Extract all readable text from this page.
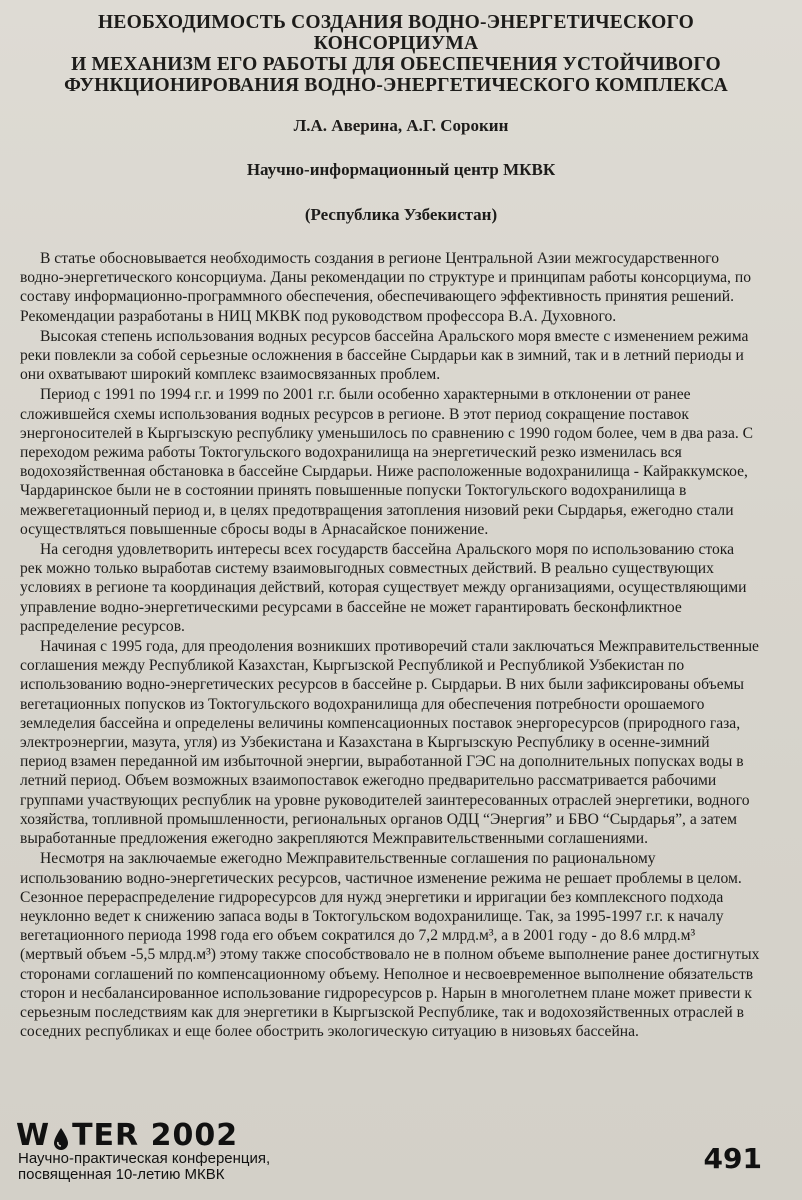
НЕОБХОДИМОСТЬ СОЗДАНИЯ ВОДНО-ЭНЕРГЕТИЧЕСКОГО КОНСОРЦИУМА
И МЕХАНИЗМ ЕГО РАБОТЫ ДЛЯ ОБЕСПЕЧЕНИЯ УСТОЙЧИВОГО
ФУНКЦИОНИРОВАНИЯ ВОДНО-ЭНЕРГЕТИЧЕСКОГО КОМПЛЕКСА
Л.А. Аверина, А.Г. Сорокин
Научно-информационный центр МКВК
(Республика Узбекистан)

В статье обосновывается необходимость создания в регионе Центральной Азии межгосударственного водно-энергетического консорциума. Даны рекомендации по структуре и принципам работы консорциума, по составу информационно-программного обеспечения, обеспечивающего эффективность принятия решений. Рекомендации разработаны в НИЦ МКВК под руководством профессора В.А. Духовного.

Высокая степень использования водных ресурсов бассейна Аральского моря вместе с изменением режима реки повлекли за собой серьезные осложнения в бассейне Сырдарьи как в зимний, так и в летний периоды и они охватывают широкий комплекс взаимосвязанных проблем.

Период с 1991 по 1994 г.г. и 1999 по 2001 г.г. были особенно характерными в отклонении от ранее сложившейся схемы использования водных ресурсов в регионе. В этот период сокращение поставок энергоносителей в Кыргызскую республику уменьшилось по сравнению с 1990 годом более, чем в два раза. С переходом режима работы Токтогульского водохранилища на энергетический резко изменилась вся водохозяйственная обстановка в бассейне Сырдарьи. Ниже расположенные водохранилища - Кайраккумское, Чардаринское были не в состоянии принять повышенные попуски Токтогульского водохранилища в межвегетационный период и, в целях предотвращения затопления низовий реки Сырдарья, ежегодно стали осуществляться повышенные сбросы воды в Арнасайское понижение.

На сегодня удовлетворить интересы всех государств бассейна Аральского моря по использованию стока рек можно только выработав систему взаимовыгодных совместных действий. В реально существующих условиях в регионе та координация действий, которая существует между организациями, осуществляющими управление водно-энергетическими ресурсами в бассейне не может гарантировать бесконфликтное распределение ресурсов.

Начиная с 1995 года, для преодоления возникших противоречий стали заключаться Межправительственные соглашения между Республикой Казахстан, Кыргызской Республикой и Республикой Узбекистан по использованию водно-энергетических ресурсов в бассейне р. Сырдарьи. В них были зафиксированы объемы вегетационных попусков из Токтогульского водохранилища для обеспечения потребности орошаемого земледелия бассейна и определены величины компенсационных поставок энергоресурсов (природного газа, электроэнергии, мазута, угля) из Узбекистана и Казахстана в Кыргызскую Республику в осенне-зимний период взамен переданной им избыточной энергии, выработанной ГЭС на дополнительных попусках воды в летний период. Объем возможных взаимопоставок ежегодно предварительно рассматривается рабочими группами участвующих республик на уровне руководителей заинтересованных отраслей энергетики, водного хозяйства, топливной промышленности, региональных органов ОДЦ “Энергия” и БВО “Сырдарья”, а затем выработанные предложения ежегодно закрепляются Межправительственными соглашениями.

Несмотря на заключаемые ежегодно Межправительственные соглашения по рациональному использованию водно-энергетических ресурсов, частичное изменение режима не решает проблемы в целом. Сезонное перераспределение гидроресурсов для нужд энергетики и ирригации без комплексного подхода неуклонно ведет к снижению запаса воды в Токтогульском водохранилище. Так, за 1995-1997 г.г. к началу вегетационного периода 1998 года его объем сократился до 7,2 млрд.м³, а в 2001 году - до 8.6 млрд.м³ (мертвый объем -5,5 млрд.м³) этому также способствовало не в полном объеме выполнение ранее достигнутых сторонами соглашений по компенсационному объему. Неполное и несвоевременное выполнение обязательств сторон и несбалансированное использование гидроресурсов р. Нарын в многолетнем плане может привести к серьезным последствиям как для энергетики в Кыргызской Республике, так и водохозяйственных отраслей в соседних республиках и еще более обострить экологическую ситуацию в низовьях бассейна.

W TER 2002
Научно-практическая конференция,
посвященная 10-летию МКВК	491
